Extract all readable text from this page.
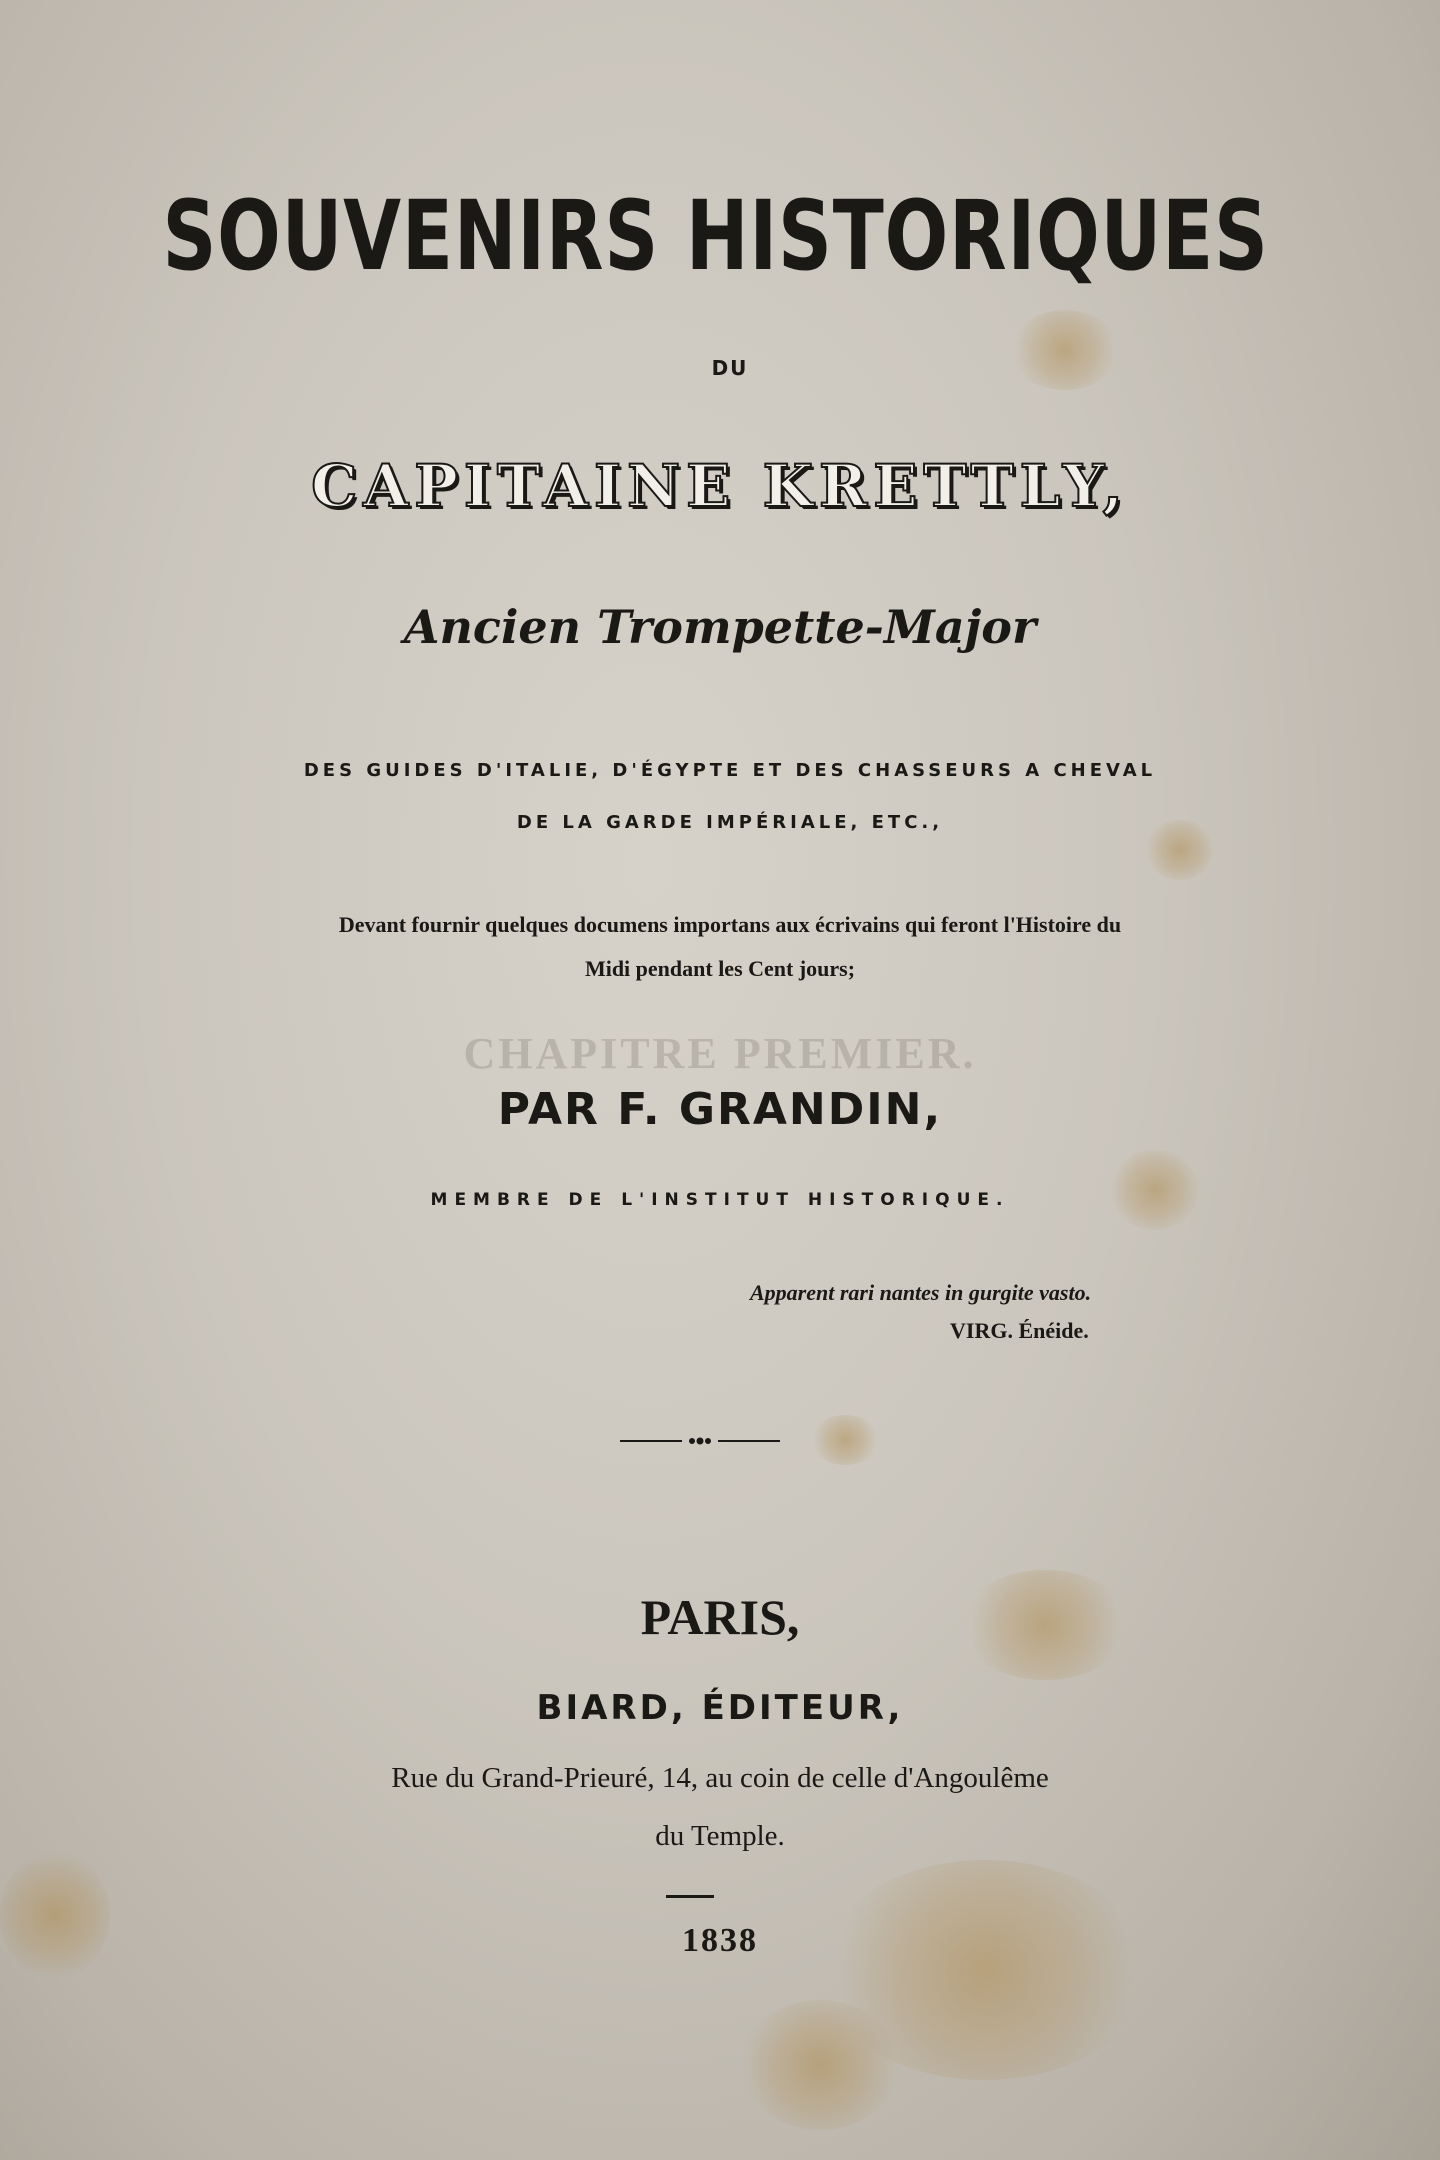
SOUVENIRS HISTORIQUES
DU
CAPITAINE KRETTLY,
Ancien Trompette-Major
DES GUIDES D'ITALIE, D'ÉGYPTE ET DES CHASSEURS A CHEVAL
DE LA GARDE IMPÉRIALE, ETC.,
Devant fournir quelques documens importans aux écrivains qui feront l'Histoire du
Midi pendant les Cent jours;
CHAPITRE PREMIER.
PAR F. GRANDIN,
MEMBRE DE L'INSTITUT HISTORIQUE.
Apparent rari nantes in gurgite vasto.
VIRG. Énéide.
PARIS,
BIARD, ÉDITEUR,
Rue du Grand-Prieuré, 14, au coin de celle d'Angoulême
du Temple.
1838
